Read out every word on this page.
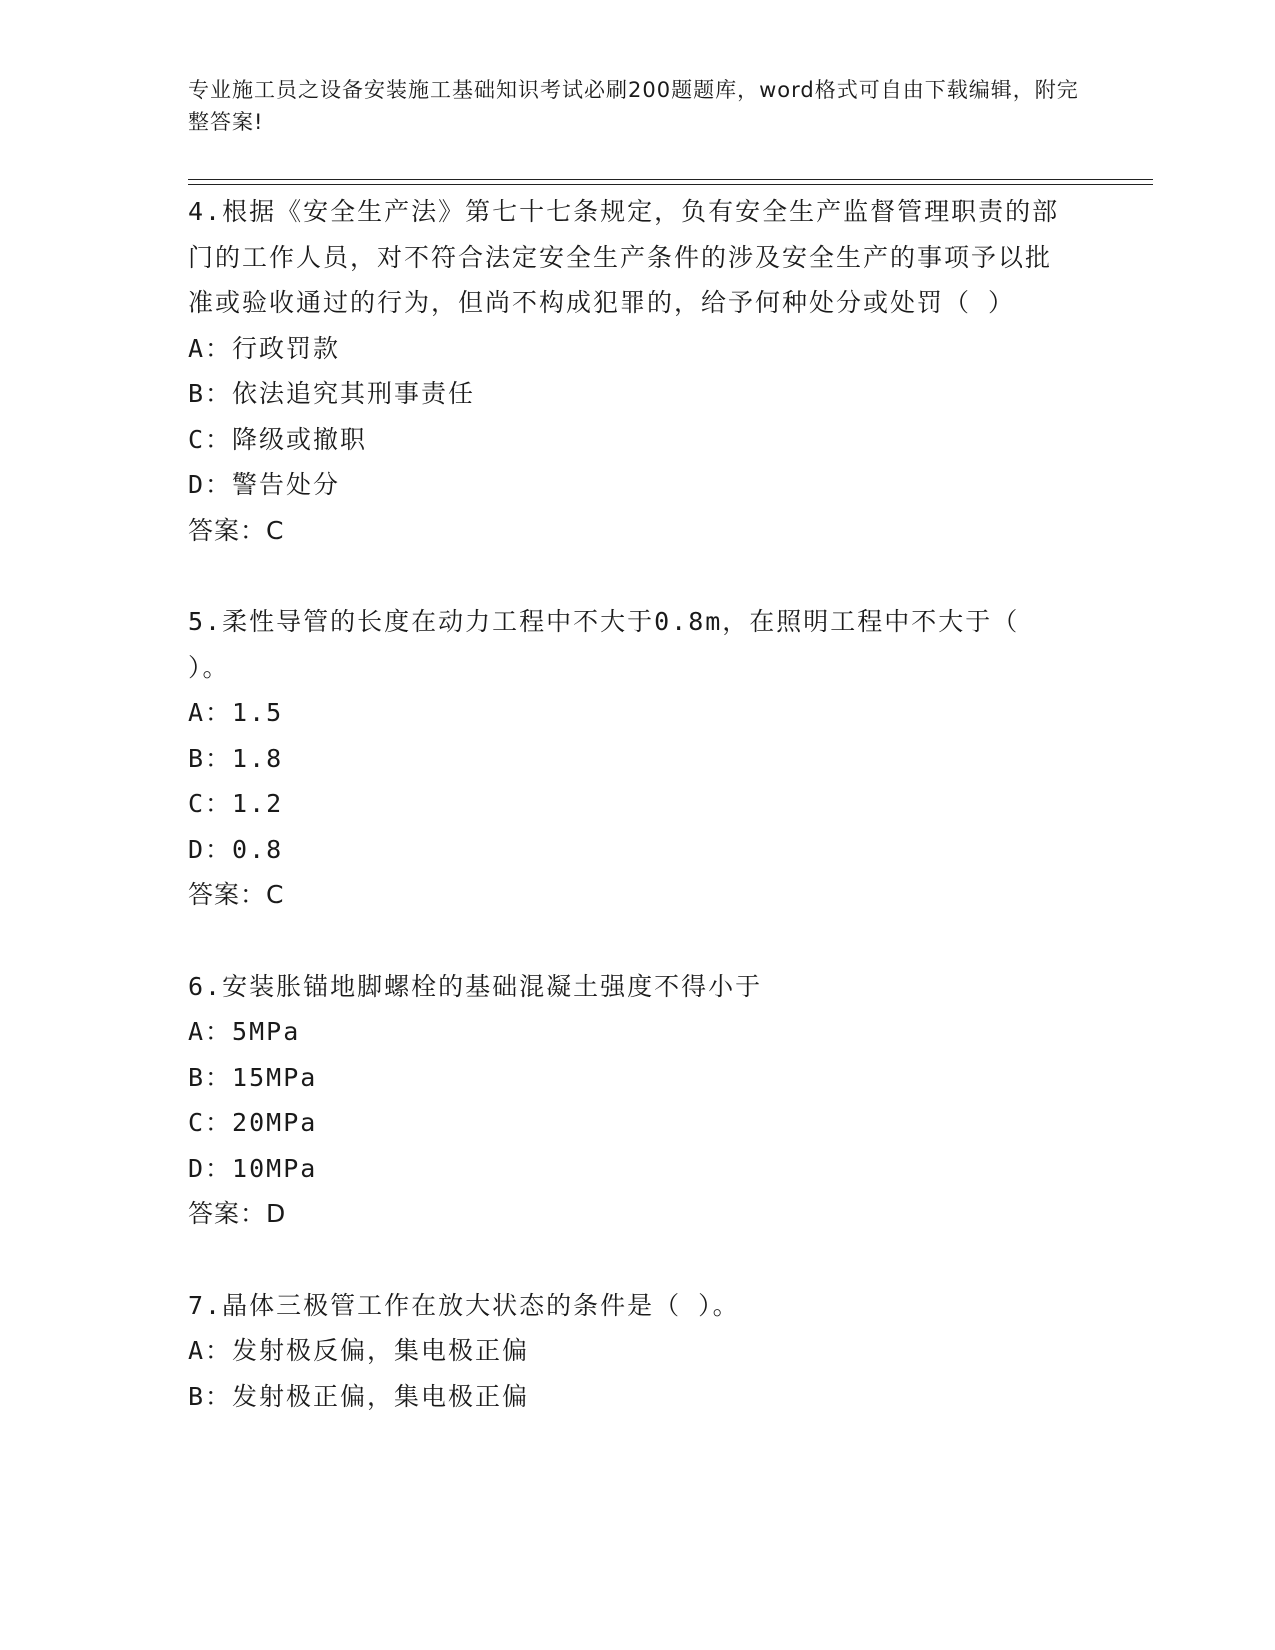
专业施工员之设备安装施工基础知识考试必刷200题题库，word格式可自由下载编辑，附完整答案!

4.根据《安全生产法》第七十七条规定，负有安全生产监督管理职责的部门的工作人员，对不符合法定安全生产条件的涉及安全生产的事项予以批准或验收通过的行为，但尚不构成犯罪的，给予何种处分或处罚（ ）

A：行政罚款

B：依法追究其刑事责任

C：降级或撤职

D：警告处分

答案：C

5.柔性导管的长度在动力工程中不大于0.8m，在照明工程中不大于（ ）。

A：1.5

B：1.8

C：1.2

D：0.8

答案：C

6.安装胀锚地脚螺栓的基础混凝土强度不得小于

A：5MPa

B：15MPa

C：20MPa

D：10MPa

答案：D

7.晶体三极管工作在放大状态的条件是（ ）。

A：发射极反偏，集电极正偏

B：发射极正偏，集电极正偏
